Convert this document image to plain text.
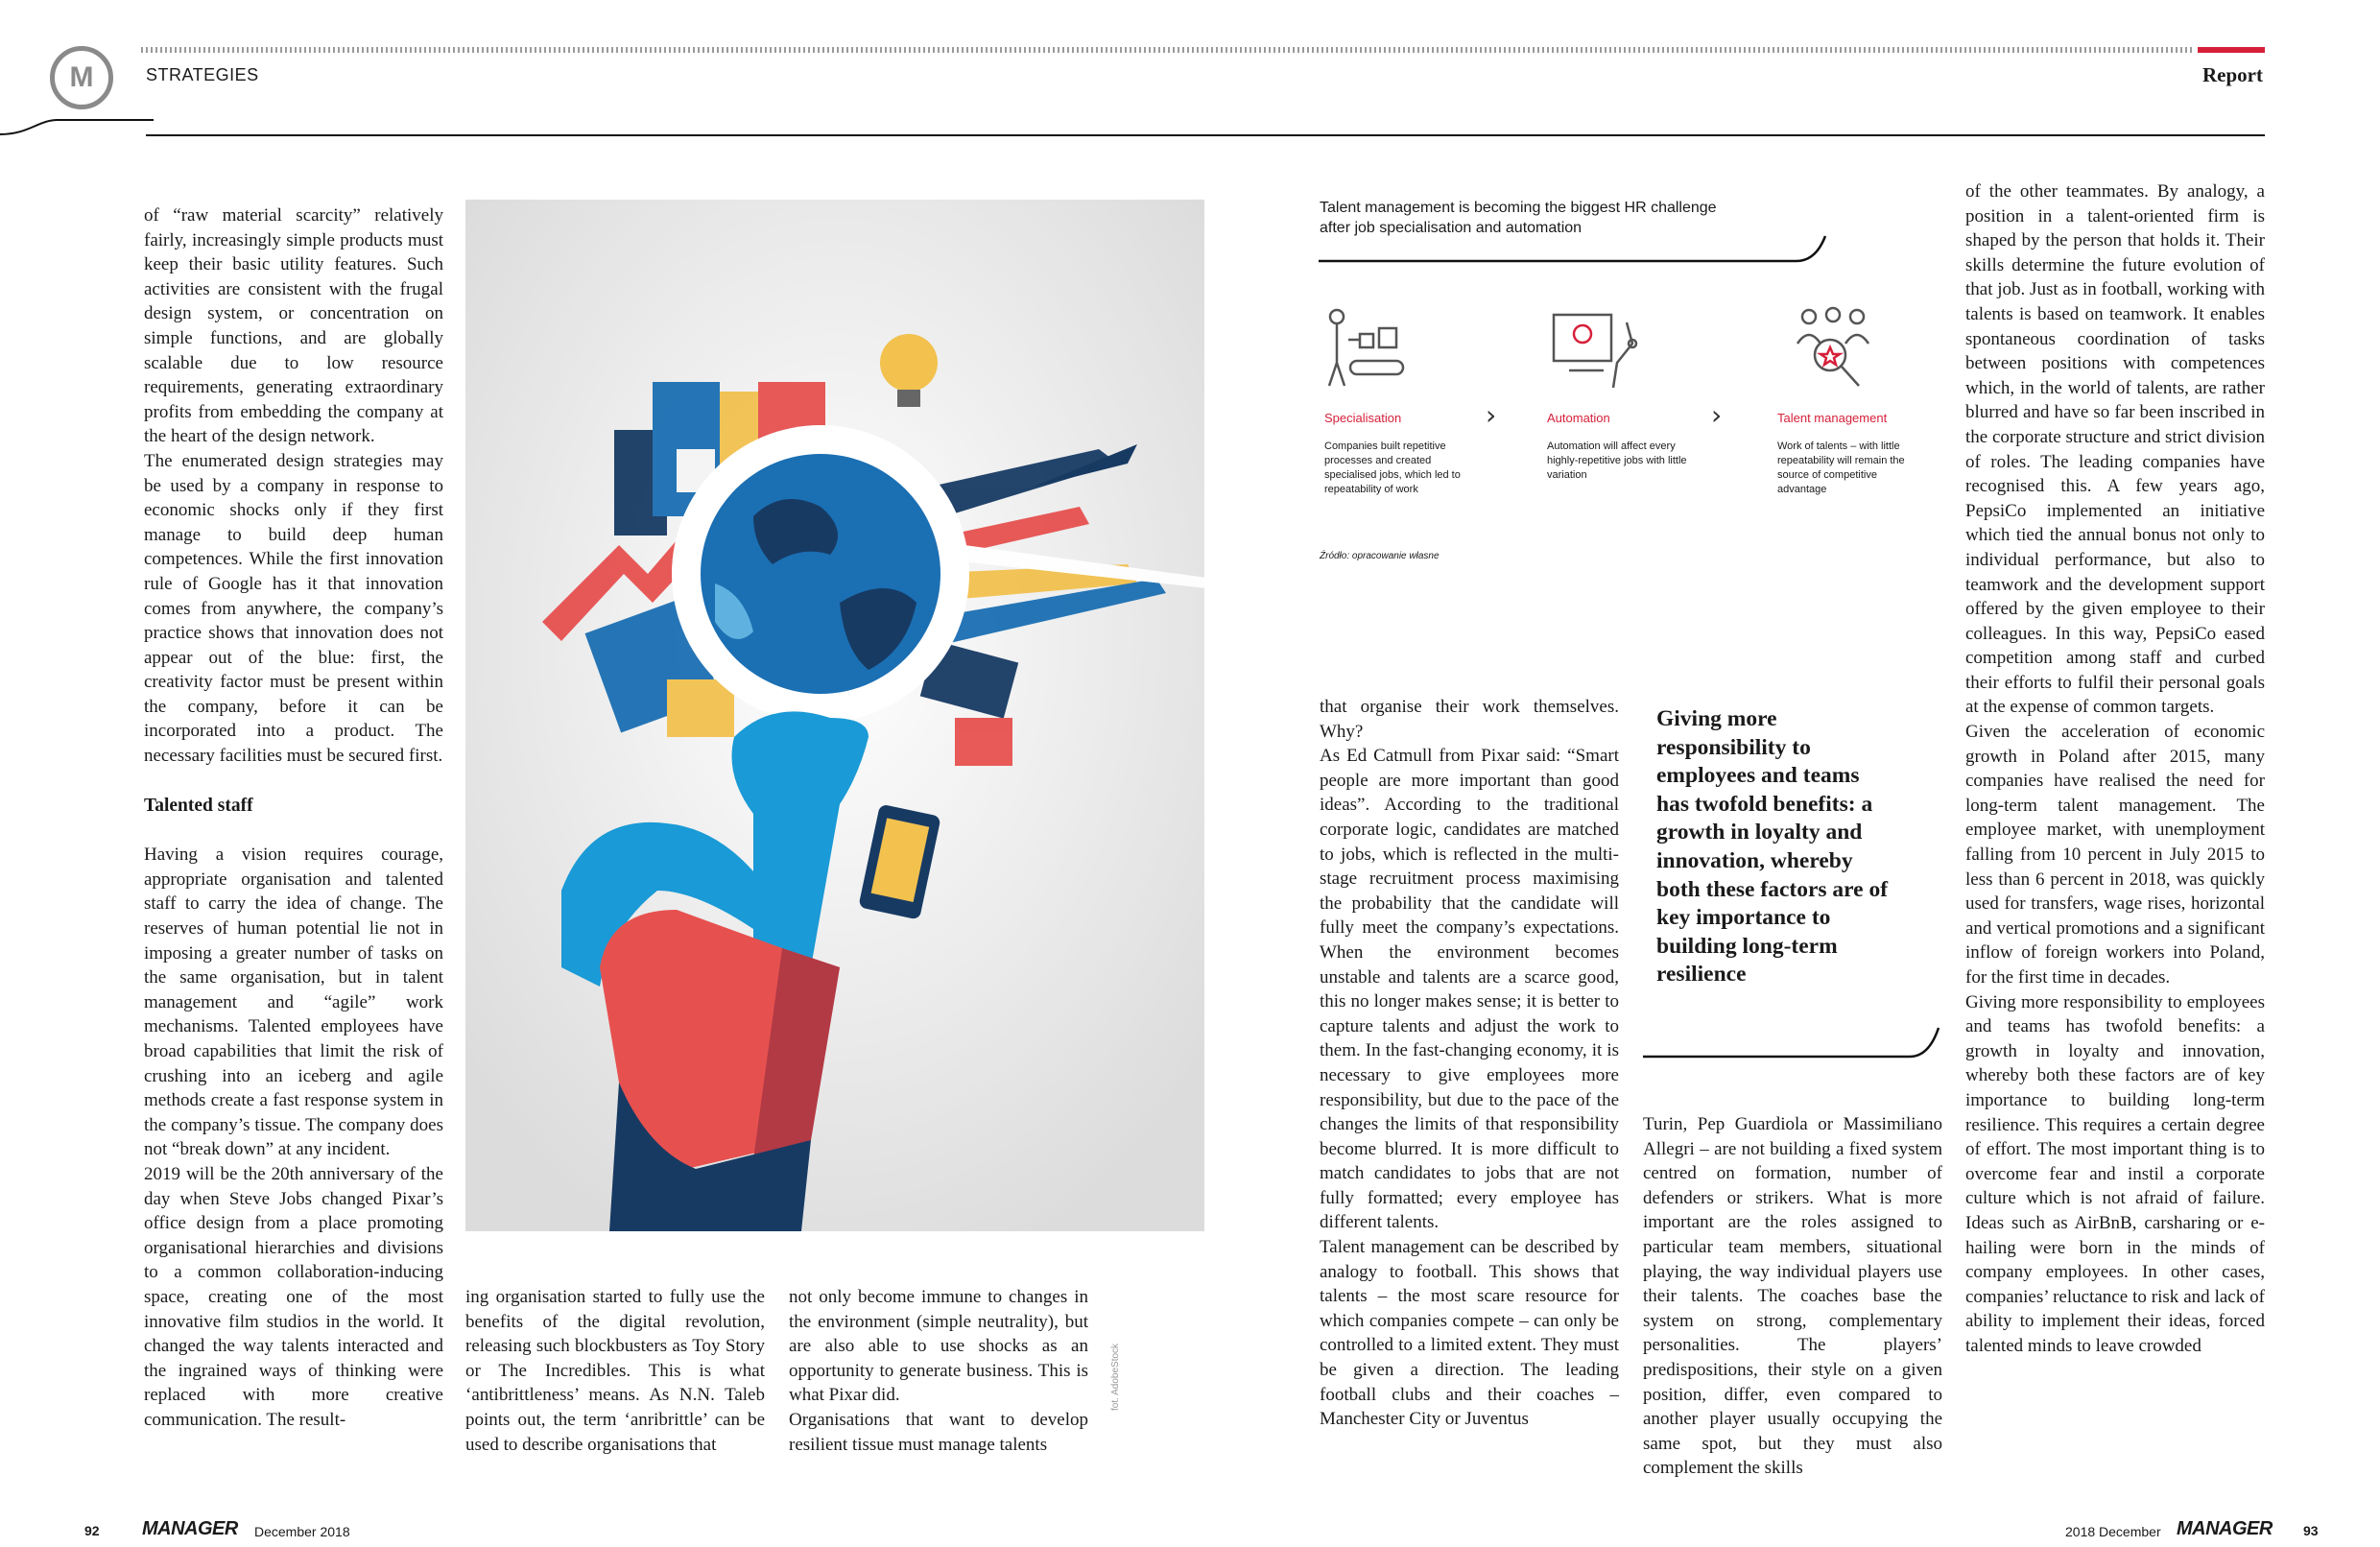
M	STRATEGIES	Report

of “raw material scarcity” relatively fairly, increasingly simple products must keep their basic utility features. Such activities are consistent with the frugal design system, or concentration on simple functions, and are globally scalable due to low resource requirements, generating extraordinary profits from embedding the company at the heart of the design network.

The enumerated design strategies may be used by a company in response to economic shocks only if they first manage to build deep human competences. While the first innovation rule of Google has it that innovation comes from anywhere, the company’s practice shows that innovation does not appear out of the blue: first, the creativity factor must be present within the company, before it can be incorporated into a product. The necessary facilities must be secured first.

Talented staff

Having a vision requires courage, appropriate organisation and talented staff to carry the idea of change. The reserves of human potential lie not in imposing a greater number of tasks on the same organisation, but in talent management and “agile” work mechanisms. Talented employees have broad capabilities that limit the risk of crushing into an iceberg and agile methods create a fast response system in the company’s tissue. The company does not “break down” at any incident.

2019 will be the 20th anniversary of the day when Steve Jobs changed Pixar’s office design from a place promoting organisational hierarchies and divisions to a common collaboration-inducing space, creating one of the most innovative film studios in the world. It changed the way talents interacted and the ingrained ways of thinking were replaced with more creative communication. The result-

ing organisation started to fully use the benefits of the digital revolution, releasing such blockbusters as Toy Story or The Incredibles. This is what ‘antibrittleness’ means. As N.N. Taleb points out, the term ‘anribrittle’ can be used to describe organisations that

not only become immune to changes in the environment (simple neutrality), but are also able to use shocks as an opportunity to generate business. This is what Pixar did.

Organisations that want to develop resilient tissue must manage talents

fot. AdobeStock
Talent management is becoming the biggest HR challenge after job specialisation and automation
Specialisation	›	Automation	›	Talent management
Companies built repetitive processes and created specialised jobs, which led to repeatability of work
Automation will affect every highly-repetitive jobs with little variation
Work of talents – with little repeatability will remain the source of competitive advantage
Źródło: opracowanie własne

that organise their work themselves. Why?

As Ed Catmull from Pixar said: “Smart people are more important than good ideas”. According to the traditional corporate logic, candidates are matched to jobs, which is reflected in the multi-stage recruitment process maximising the probability that the candidate will fully meet the company’s expectations. When the environment becomes unstable and talents are a scarce good, this no longer makes sense; it is better to capture talents and adjust the work to them. In the fast-changing economy, it is necessary to give employees more responsibility, but due to the pace of the changes the limits of that responsibility become blurred. It is more difficult to match candidates to jobs that are not fully formatted; every employee has different talents.

Talent management can be described by analogy to football. This shows that talents – the most scare resource for which companies compete – can only be controlled to a limited extent. They must be given a direction. The leading football clubs and their coaches – Manchester City or Juventus

Giving more responsibility to employees and teams has twofold benefits: a growth in loyalty and innovation, whereby both these factors are of key importance to building long-term resilience

Turin, Pep Guardiola or Massimiliano Allegri – are not building a fixed system centred on formation, number of defenders or strikers. What is more important are the roles assigned to particular team members, situational playing, the way individual players use their talents. The coaches base the system on strong, complementary personalities. The players’ predispositions, their style on a given position, differ, even compared to another player usually occupying the same spot, but they must also complement the skills

of the other teammates. By analogy, a position in a talent-oriented firm is shaped by the person that holds it. Their skills determine the future evolution of that job. Just as in football, working with talents is based on teamwork. It enables spontaneous coordination of tasks between positions with competences which, in the world of talents, are rather blurred and have so far been inscribed in the corporate structure and strict division of roles. The leading companies have recognised this. A few years ago, PepsiCo implemented an initiative which tied the annual bonus not only to individual performance, but also to teamwork and the development support offered by the given employee to their colleagues. In this way, PepsiCo eased competition among staff and curbed their efforts to fulfil their personal goals at the expense of common targets.

Given the acceleration of economic growth in Poland after 2015, many companies have realised the need for long-term talent management. The employee market, with unemployment falling from 10 percent in July 2015 to less than 6 percent in 2018, was quickly used for transfers, wage rises, horizontal and vertical promotions and a significant inflow of foreign workers into Poland, for the first time in decades.

Giving more responsibility to employees and teams has twofold benefits: a growth in loyalty and innovation, whereby both these factors are of key importance to building long-term resilience. This requires a certain degree of effort. The most important thing is to overcome fear and instil a corporate culture which is not afraid of failure. Ideas such as AirBnB, carsharing or e-hailing were born in the minds of company employees. In other cases, companies’ reluctance to risk and lack of ability to implement their ideas, forced talented minds to leave crowded

92 MANAGER December 2018	2018 December MANAGER 93
